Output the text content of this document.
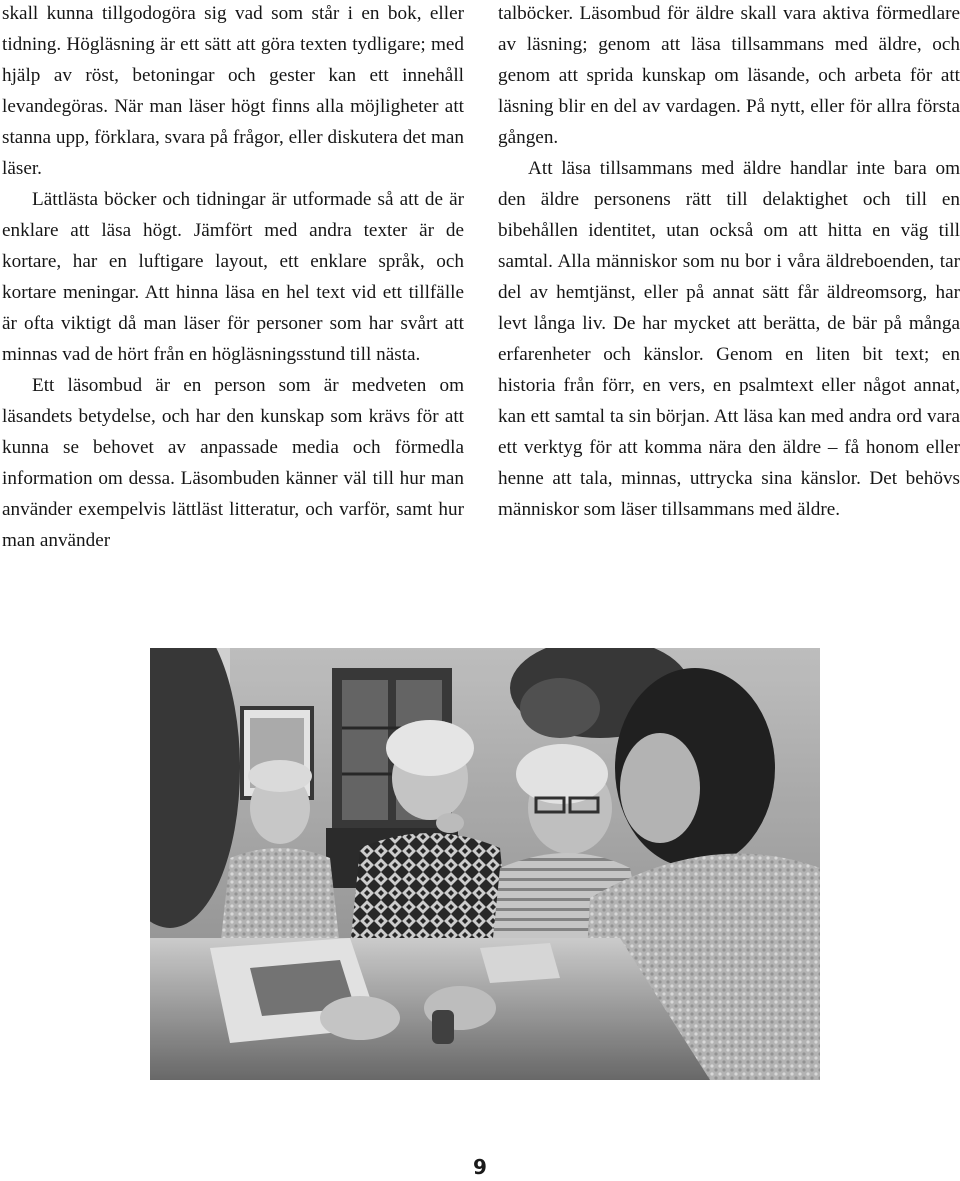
skall kunna tillgodogöra sig vad som står i en bok, eller tidning. Högläsning är ett sätt att göra texten tydligare; med hjälp av röst, betoningar och gester kan ett innehåll levandegöras. När man läser högt finns alla möjligheter att stanna upp, förklara, svara på frågor, eller diskutera det man läser.

Lättlästa böcker och tidningar är utformade så att de är enklare att läsa högt. Jämfört med andra texter är de kortare, har en luftigare layout, ett enklare språk, och kortare meningar. Att hinna läsa en hel text vid ett tillfälle är ofta viktigt då man läser för personer som har svårt att minnas vad de hört från en högläsningsstund till nästa.

Ett läsombud är en person som är medveten om läsandets betydelse, och har den kunskap som krävs för att kunna se behovet av anpassade media och förmedla information om dessa. Läsombuden känner väl till hur man använder exempelvis lättläst litteratur, och varför, samt hur man använder

talböcker. Läsombud för äldre skall vara aktiva förmedlare av läsning; genom att läsa tillsammans med äldre, och genom att sprida kunskap om läsande, och arbeta för att läsning blir en del av vardagen. På nytt, eller för allra första gången.

Att läsa tillsammans med äldre handlar inte bara om den äldre personens rätt till delaktighet och till en bibehållen identitet, utan också om att hitta en väg till samtal. Alla människor som nu bor i våra äldreboenden, tar del av hemtjänst, eller på annat sätt får äldreomsorg, har levt långa liv. De har mycket att berätta, de bär på många erfarenheter och känslor. Genom en liten bit text; en historia från förr, en vers, en psalmtext eller något annat, kan ett samtal ta sin början. Att läsa kan med andra ord vara ett verktyg för att komma nära den äldre – få honom eller henne att tala, minnas, uttrycka sina känslor. Det behövs människor som läser tillsammans med äldre.

9
